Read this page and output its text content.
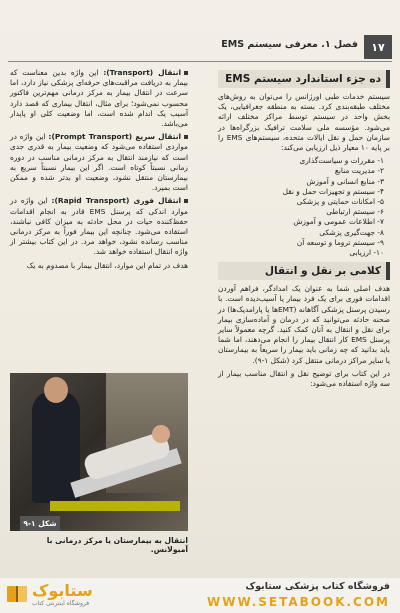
۱۷
فصل ۱. معرفی سیستم EMS
ده جزء استاندارد سیستم EMS

سیستم خدمات طبی اورژانس را می‌توان به روش‌های مختلف طبقه‌بندی کرد. بسته به منطقه جغرافیایی، یک بخش واحد در سیستم توسط مراکز مختلف ارائه می‌شود. مؤسسه ملی سلامت ترافیک بزرگراه‌ها در سازمان حمل و نقل ایالات متحده، سیستم‌های EMS را بر پایه ۱۰ معیار ذیل ارزیابی می‌کند:

۱- مقررات و سیاست‌گذاری
۲- مدیریت منابع
۳- منابع انسانی و آموزش
۴- سیستم و تجهیزات حمل و نقل
۵- امکانات حمایتی و پزشکی
۶- سیستم ارتباطی
۷- اطلاعات عمومی و آموزش
۸- جهت‌گیری پزشکی
۹- سیستم تروما و توسعه آن
۱۰- ارزیابی
کلامی بر نقل و انتقال

هدف اصلی شما به عنوان یک امدادگر، فراهم آوردن اقدامات فوری برای یک فرد بیمار یا آسیب‌دیده است. با رسیدن پرسنل پزشکی آگاهانه (EMTها یا پارامدیک‌ها) در صحنه حادثه می‌توانید که در درمان و آماده‌سازی بیمار برای نقل و انتقال به آنان کمک کنید. گرچه معمولاً سایر پرسنل EMS کار انتقال بیمار را انجام می‌دهند، اما شما باید بدانید که چه زمانی باید بیمار را سریعاً به بیمارستان یا سایر مراکز درمانی منتقل کرد (شکل ۱-۹).

در این کتاب برای توضیح نقل و انتقال مناسب بیمار از سه واژه استفاده می‌شود:

انتقال (Transport): این واژه بدین معناست که بیمار به دریافت مراقبت‌های حرفه‌ای پزشکی نیاز دارد، اما سرعت در انتقال بیمار به مرکز درمانی مهم‌ترین فاکتور محسوب نمی‌شود؛ برای مثال، انتقال بیماری که قصد دارد آسیب یک اندام شده است، اما وضعیت کلی او پایدار می‌باشد.

انتقال سریع (Prompt Transport): این واژه در مواردی استفاده می‌شود که وضعیت بیمار به قدری جدی است که نیازمند انتقال به مرکز درمانی مناسب در دوره زمانی نسبتاً کوتاه است. اگر این بیمار نسبتاً سریع به بیمارستان منتقل نشود، وضعیت او بدتر شده و ممکن است بمیرد.

انتقال فوری (Rapid Transport): این واژه در موارد اندکی که پرسنل EMS قادر به انجام اقدامات حفظ‌کننده حیات در محل حادثه به میزان کافی نباشند، استفاده می‌شود. چنانچه این بیمار فوراً به مرکز درمانی مناسب رسانده نشود، خواهد مرد. در این کتاب بیشتر از واژه انتقال استفاده خواهد شد.

هدف در تمام این موارد، انتقال بیمار با مصدوم به یک

شکل ۱-۹
انتقال به بیمارستان یا مرکز درمانی با آمبولانس.
ستابوک
فروشگاه اینترنتی کتاب
فروشگاه کتاب پزشکی ستابوک
WWW.SETABOOK.COM
